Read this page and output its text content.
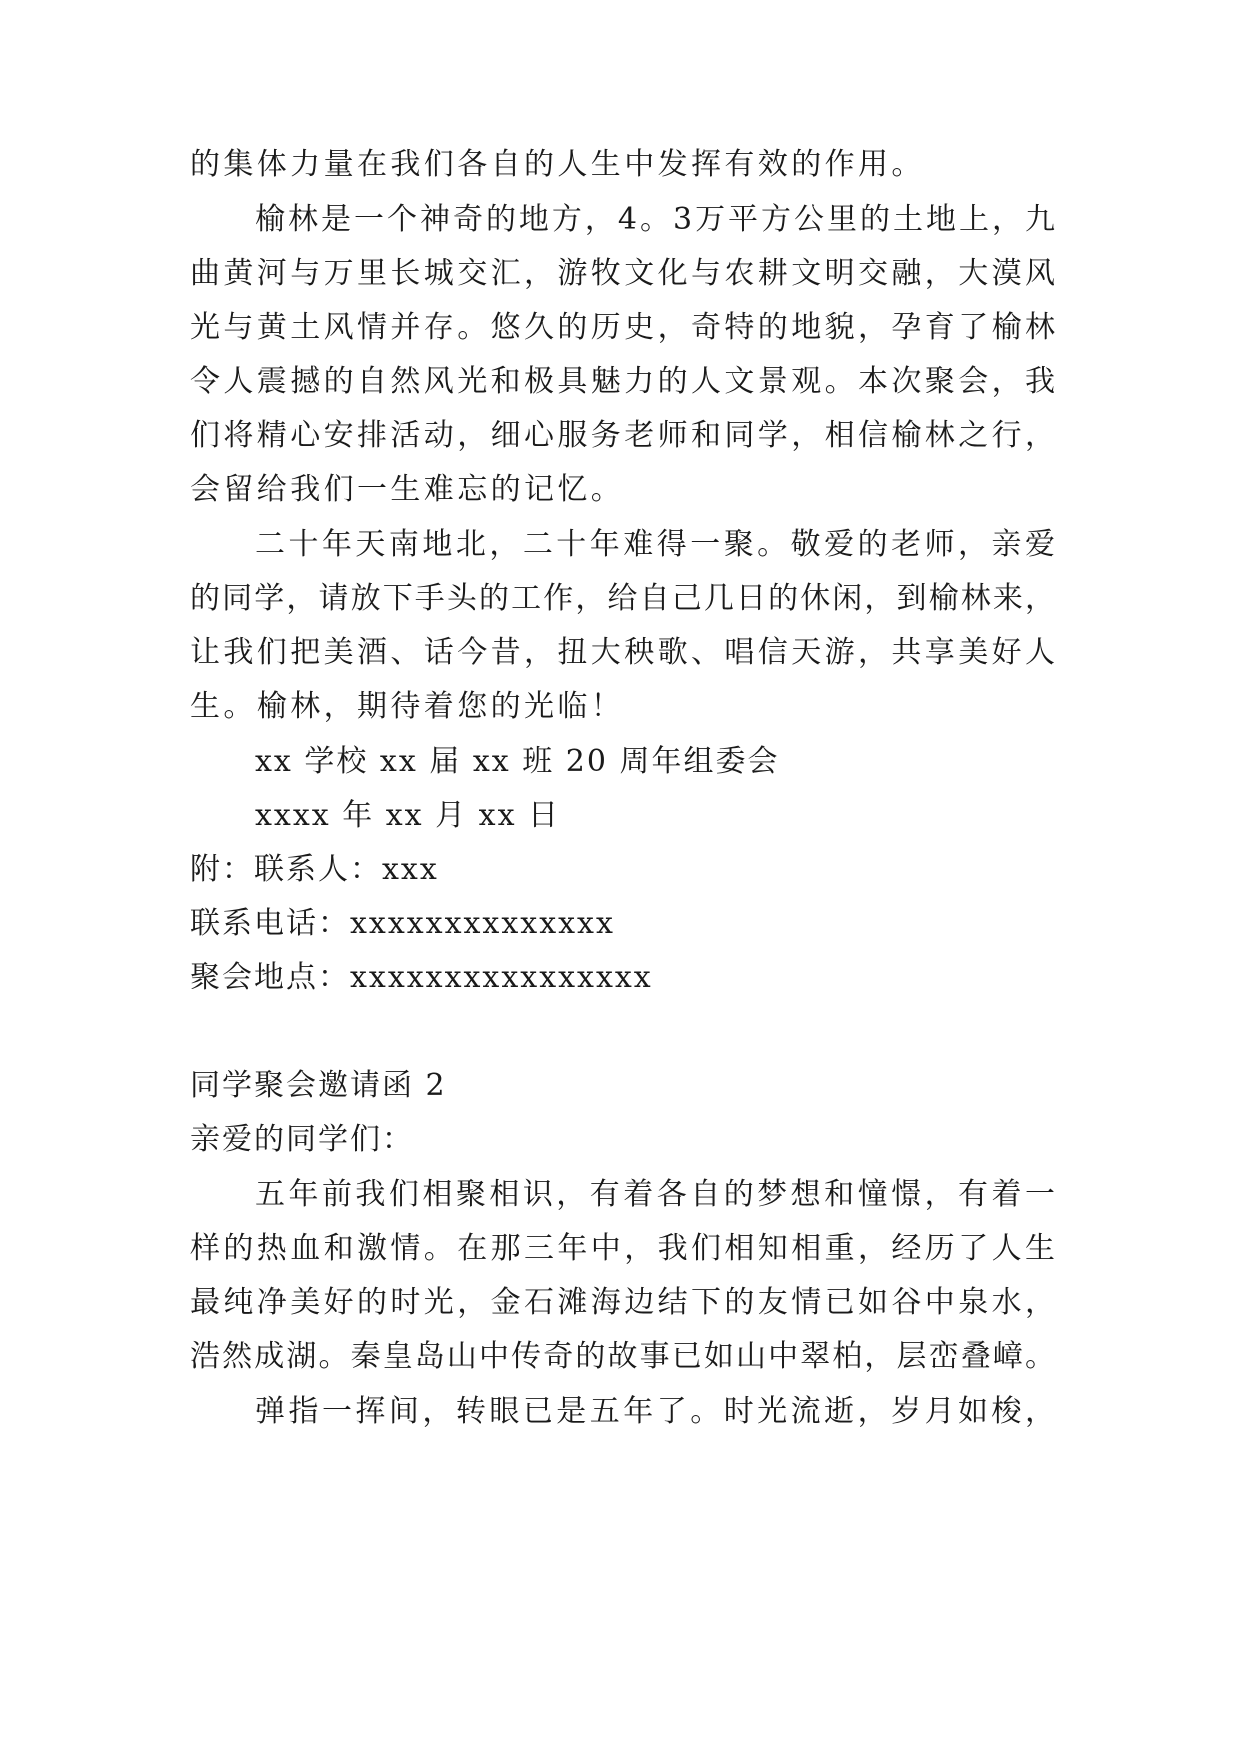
的集体力量在我们各自的人生中发挥有效的作用。
榆林是一个神奇的地方，4。3万平方公里的土地上，九
曲黄河与万里长城交汇，游牧文化与农耕文明交融，大漠风
光与黄土风情并存。悠久的历史，奇特的地貌，孕育了榆林
令人震撼的自然风光和极具魅力的人文景观。本次聚会，我
们将精心安排活动，细心服务老师和同学，相信榆林之行，
会留给我们一生难忘的记忆。
二十年天南地北，二十年难得一聚。敬爱的老师，亲爱
的同学，请放下手头的工作，给自己几日的休闲，到榆林来，
让我们把美酒、话今昔，扭大秧歌、唱信天游，共享美好人
生。榆林，期待着您的光临！
xx 学校 xx 届 xx 班 20 周年组委会
xxxx 年 xx 月 xx 日
附：联系人：xxx
联系电话：xxxxxxxxxxxxxx
聚会地点：xxxxxxxxxxxxxxxx
同学聚会邀请函 2
亲爱的同学们：
五年前我们相聚相识，有着各自的梦想和憧憬，有着一
样的热血和激情。在那三年中，我们相知相重，经历了人生
最纯净美好的时光，金石滩海边结下的友情已如谷中泉水，
浩然成湖。秦皇岛山中传奇的故事已如山中翠柏，层峦叠嶂。
弹指一挥间，转眼已是五年了。时光流逝，岁月如梭，
